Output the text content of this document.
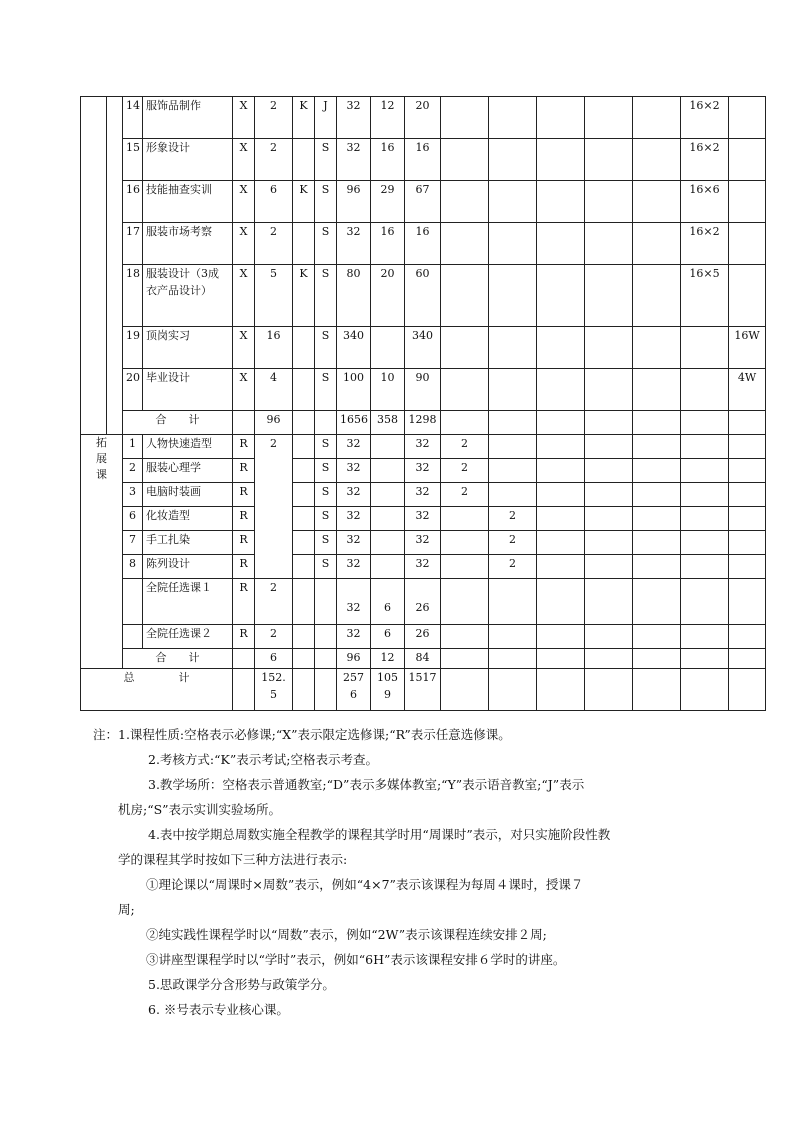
		14	服饰品制作	X	2	K	J	32	12	20						16×2	
		15	形象设计	X	2		S	32	16	16						16×2	
		16	技能抽查实训	X	6	K	S	96	29	67						16×6	
		17	服装市场考察	X	2		S	32	16	16						16×2	
		18	服装设计（3成衣产品设计）	X	5	K	S	80	20	60						16×5	
		19	顶岗实习	X	16		S	340		340							16W
		20	毕业设计	X	4		S	100	10	90							4W
		合　　计			96			1656	358	1298							
拓展课		1	人物快速造型	R	2		S	32		32	2						
		2	服装心理学	R			S	32		32	2						
		3	电脑时装画	R			S	32		32	2						
		6	化妆造型	R			S	32		32		2					
		7	手工扎染	R			S	32		32		2					
		8	陈列设计	R			S	32		32		2					
			全院任选课１	R	2			32	6	26							
			全院任选课２	R	2			32	6	26							
		合　　计			6			96	12	84							
总　　　　计					152.5			2576	1059	1517							

注：1.课程性质:空格表示必修课;“X”表示限定选修课;“R”表示任意选修课。

2.考核方式:“K”表示考试;空格表示考查。

3.教学场所：空格表示普通教室;“D”表示多媒体教室;“Y”表示语音教室;“J”表示

机房;“S”表示实训实验场所。

4.表中按学期总周数实施全程教学的课程其学时用“周课时”表示，对只实施阶段性教

学的课程其学时按如下三种方法进行表示:

①理论课以“周课时×周数”表示，例如“4×7”表示该课程为每周４课时，授课７

周;

②纯实践性课程学时以“周数”表示，例如“2W”表示该课程连续安排２周;

③讲座型课程学时以“学时”表示，例如“6H”表示该课程安排６学时的讲座。

5.思政课学分含形势与政策学分。

6. ※号表示专业核心课。
